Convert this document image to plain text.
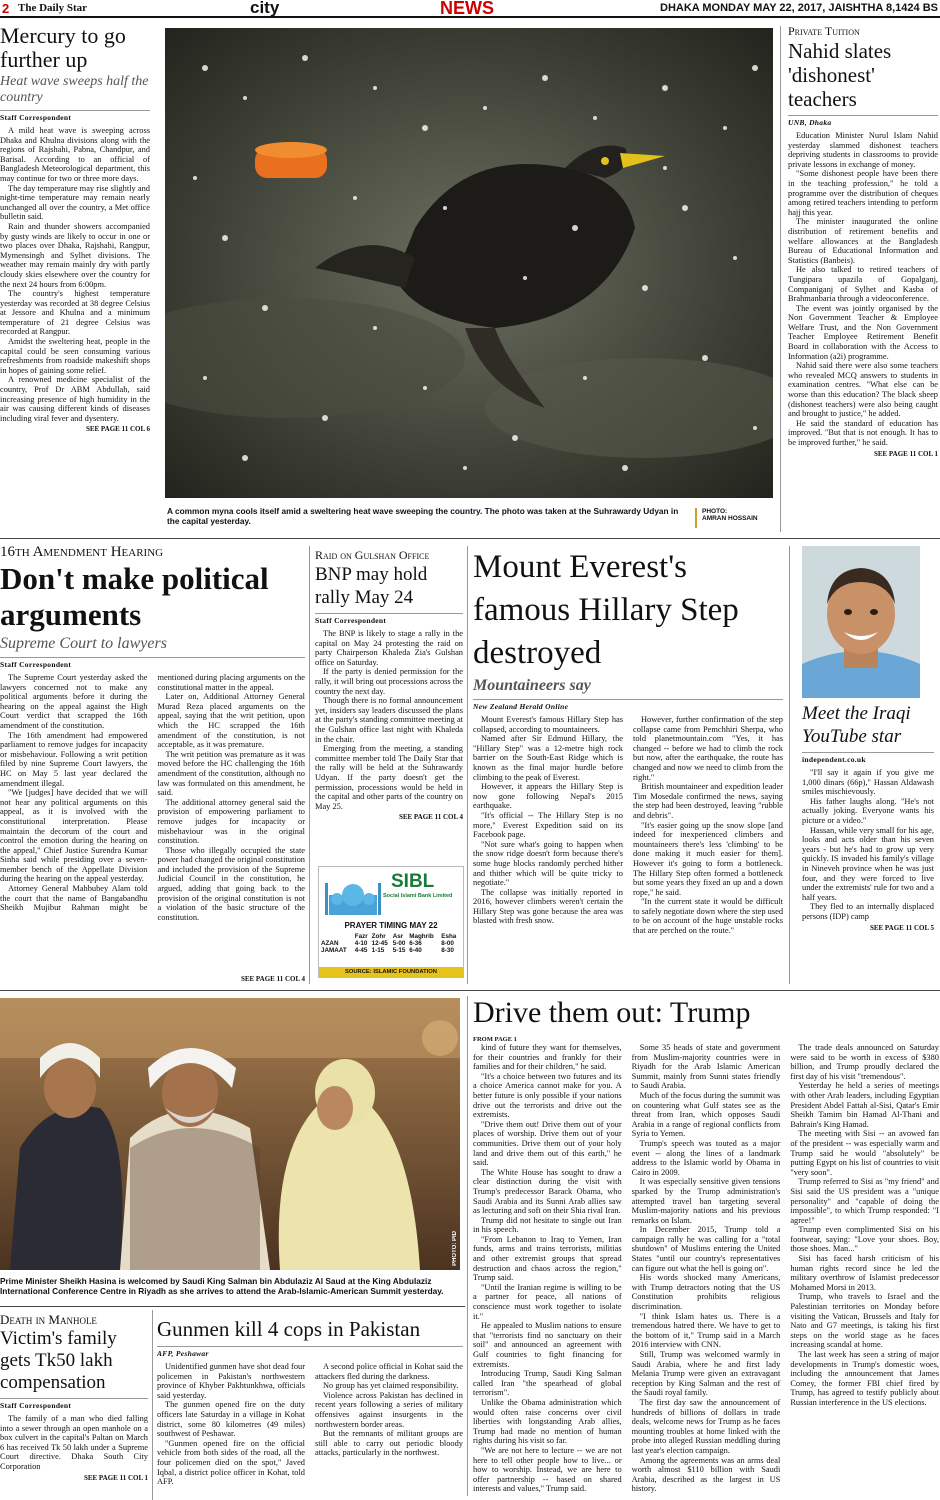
2 The Daily Star	city	NEWS	DHAKA MONDAY MAY 22, 2017, JAISHTHA 8,1424 BS
Mercury to go further up
Heat wave sweeps half the country
Staff Correspondent

A mild heat wave is sweeping across Dhaka and Khulna divisions along with the regions of Rajshahi, Pabna, Chandpur, and Barisal. According to an official of Bangladesh Meteorological department, this may continue for two or three more days.

The day temperature may rise slightly and night-time temperature may remain nearly unchanged all over the country, a Met office bulletin said.

Rain and thunder showers accompanied by gusty winds are likely to occur in one or two places over Dhaka, Rajshahi, Rangpur, Mymensingh and Sylhet divisions. The weather may remain mainly dry with partly cloudy skies elsewhere over the country for the next 24 hours from 6:00pm.

The country's highest temperature yesterday was recorded at 38 degree Celsius at Jessore and Khulna and a minimum temperature of 21 degree Celsius was recorded at Rangpur.

Amidst the sweltering heat, people in the capital could be seen consuming various refreshments from roadside makeshift shops in hopes of gaining some relief.

A renowned medicine specialist of the country, Prof Dr ABM Abdullah, said increasing presence of high humidity in the air was causing different kinds of diseases including viral fever and dysentery.

SEE PAGE 11 COL 6
A common myna cools itself amid a sweltering heat wave sweeping the country. The photo was taken at the Suhrawardy Udyan in the capital yesterday.
PHOTO:
AMRAN HOSSAIN
Private Tuition
Nahid slates 'dishonest' teachers
UNB, Dhaka

Education Minister Nurul Islam Nahid yesterday slammed dishonest teachers depriving students in classrooms to provide private lessons in exchange of money.

"Some dishonest people have been there in the teaching profession," he told a programme over the distribution of cheques among retired teachers intending to perform hajj this year.

The minister inaugurated the online distribution of retirement benefits and welfare allowances at the Bangladesh Bureau of Educational Information and Statistics (Banbeis).

He also talked to retired teachers of Tungipara upazila of Gopalganj, Companiganj of Sylhet and Kasba of Brahmanbaria through a videoconference.

The event was jointly organised by the Non Government Teacher & Employee Welfare Trust, and the Non Government Teacher Employee Retirement Benefit Board in collaboration with the Access to Information (a2i) programme.

Nahid said there were also some teachers who revealed MCQ answers to students in examination centres. "What else can be worse than this education? The black sheep (dishonest teachers) were also being caught and brought to justice," he added.

He said the standard of education has improved. "But that is not enough. It has to be improved further," he said.

SEE PAGE 11 COL 1
16th Amendment Hearing
Don't make political arguments
Supreme Court to lawyers
Staff Correspondent

The Supreme Court yesterday asked the lawyers concerned not to make any political arguments before it during the hearing on the appeal against the High Court verdict that scrapped the 16th amendment of the constitution.

The 16th amendment had empowered parliament to remove judges for incapacity or misbehaviour. Following a writ petition filed by nine Supreme Court lawyers, the HC on May 5 last year declared the amendment illegal.

"We [judges] have decided that we will not hear any political arguments on this appeal, as it is involved with the constitutional interpretation. Please maintain the decorum of the court and control the emotion during the hearing on the appeal," Chief Justice Surendra Kumar Sinha said while presiding over a seven-member bench of the Appellate Division during the hearing on the appeal yesterday.

Attorney General Mahbubey Alam told the court that the name of Bangabandhu Sheikh Mujibur Rahman might be mentioned during placing arguments on the constitutional matter in the appeal.

Later on, Additional Attorney General Murad Reza placed arguments on the appeal, saying that the writ petition, upon which the HC scrapped the 16th amendment of the constitution, is not acceptable, as it was premature.

The writ petition was premature as it was moved before the HC challenging the 16th amendment of the constitution, although no law was formulated on this amendment, he said.

The additional attorney general said the provision of empowering parliament to remove judges for incapacity or misbehaviour was in the original constitution.

Those who illegally occupied the state power had changed the original constitution and included the provision of the Supreme Judicial Council in the constitution, he argued, adding that going back to the provision of the original constitution is not a violation of the basic structure of the constitution.

SEE PAGE 11 COL 4
Raid on Gulshan Office
BNP may hold rally May 24
Staff Correspondent

The BNP is likely to stage a rally in the capital on May 24 protesting the raid on party Chairperson Khaleda Zia's Gulshan office on Saturday.

If the party is denied permission for the rally, it will bring out processions across the country the next day.

Though there is no formal announcement yet, insiders say leaders discussed the plans at the party's standing committee meeting at the Gulshan office last night with Khaleda in the chair.

Emerging from the meeting, a standing committee member told The Daily Star that the rally will be held at the Suhrawardy Udyan. If the party doesn't get the permission, processions would be held in the capital and other parts of the country on May 25.

SEE PAGE 11 COL 4
SIBL
Social Islami Bank Limited
PRAYER TIMING MAY 22
	Fazr	Zohr	Asr	Maghrib	Esha
AZAN	4-10	12-45	5-00	6-36	8-00
JAMAAT	4-45	1-15	5-15	6-40	8-30
SOURCE: ISLAMIC FOUNDATION
Mount Everest's famous Hillary Step destroyed
Mountaineers say
New Zealand Herald Online

Mount Everest's famous Hillary Step has collapsed, according to mountaineers.

Named after Sir Edmund Hillary, the "Hillary Step" was a 12-metre high rock barrier on the South-East Ridge which is known as the final major hurdle before climbing to the peak of Everest.

However, it appears the Hillary Step is now gone following Nepal's 2015 earthquake.

"It's official -- The Hillary Step is no more," Everest Expedition said on its Facebook page.

"Not sure what's going to happen when the snow ridge doesn't form because there's some huge blocks randomly perched hither and thither which will be quite tricky to negotiate."

The collapse was initially reported in 2016, however climbers weren't certain the Hillary Step was gone because the area was blasted with fresh snow.

However, further confirmation of the step collapse came from Pemchhiri Sherpa, who told planetmountain.com "Yes, it has changed -- before we had to climb the rock but now, after the earthquake, the route has changed and now we need to climb from the right."

British mountaineer and expedition leader Tim Mosedale confirmed the news, saying the step had been destroyed, leaving "rubble and debris".

"It's easier going up the snow slope [and indeed for inexperienced climbers and mountaineers there's less 'climbing' to be done making it much easier for them]. However it's going to form a bottleneck. The Hillary Step often formed a bottleneck but some years they fixed an up and a down rope," he said.

"In the current state it would be difficult to safely negotiate down where the step used to be on account of the huge unstable rocks that are perched on the route."

Meet the Iraqi YouTube star
independent.co.uk

"I'll say it again if you give me 1,000 dinars (66p)," Hassan Aldawash smiles mischievously.

His father laughs along. "He's not actually joking. Everyone wants his picture or a video."

Hassan, while very small for his age, looks and acts older than his seven years - but he's had to grow up very quickly. IS invaded his family's village in Nineveh province when he was just four, and they were forced to live under the extremists' rule for two and a half years.

They fled to an internally displaced persons (IDP) camp

SEE PAGE 11 COL 5
PHOTO: PID
Prime Minister Sheikh Hasina is welcomed by Saudi King Salman bin Abdulaziz Al Saud at the King Abdulaziz International Conference Centre in Riyadh as she arrives to attend the Arab-Islamic-American Summit yesterday.
Drive them out: Trump
FROM PAGE 1

kind of future they want for themselves, for their countries and frankly for their families and for their children," he said.

"It's a choice between two futures and its a choice America cannot make for you. A better future is only possible if your nations drive out the terrorists and drive out the extremists.

"Drive them out! Drive them out of your places of worship. Drive them out of your communities. Drive them out of your holy land and drive them out of this earth," he said.

The White House has sought to draw a clear distinction during the visit with Trump's predecessor Barack Obama, who Saudi Arabia and its Sunni Arab allies saw as lecturing and soft on their Shia rival Iran.

Trump did not hesitate to single out Iran in his speech.

"From Lebanon to Iraq to Yemen, Iran funds, arms and trains terrorists, militias and other extremist groups that spread destruction and chaos across the region," Trump said.

"Until the Iranian regime is willing to be a partner for peace, all nations of conscience must work together to isolate it."

He appealed to Muslim nations to ensure that "terrorists find no sanctuary on their soil" and announced an agreement with Gulf countries to fight financing for extremists.

Introducing Trump, Saudi King Salman called Iran "the spearhead of global terrorism".

Unlike the Obama administration which would often raise concerns over civil liberties with longstanding Arab allies, Trump had made no mention of human rights during his visit so far.

"We are not here to lecture -- we are not here to tell other people how to live... or how to worship. Instead, we are here to offer partnership -- based on shared interests and values," Trump said.

Some 35 heads of state and government from Muslim-majority countries were in Riyadh for the Arab Islamic American Summit, mainly from Sunni states friendly to Saudi Arabia.

Much of the focus during the summit was on countering what Gulf states see as the threat from Iran, which opposes Saudi Arabia in a range of regional conflicts from Syria to Yemen.

Trump's speech was touted as a major event -- along the lines of a landmark address to the Islamic world by Obama in Cairo in 2009.

It was especially sensitive given tensions sparked by the Trump administration's attempted travel ban targeting several Muslim-majority nations and his previous remarks on Islam.

In December 2015, Trump told a campaign rally he was calling for a "total shutdown" of Muslims entering the United States "until our country's representatives can figure out what the hell is going on".

His words shocked many Americans, with Trump detractors noting that the US Constitution prohibits religious discrimination.

"I think Islam hates us. There is a tremendous hatred there. We have to get to the bottom of it," Trump said in a March 2016 interview with CNN.

Still, Trump was welcomed warmly in Saudi Arabia, where he and first lady Melania Trump were given an extravagant reception by King Salman and the rest of the Saudi royal family.

The first day saw the announcement of hundreds of billions of dollars in trade deals, welcome news for Trump as he faces mounting troubles at home linked with the probe into alleged Russian meddling during last year's election campaign.

Among the agreements was an arms deal worth almost $110 billion with Saudi Arabia, described as the largest in US history.

The trade deals announced on Saturday were said to be worth in excess of $380 billion, and Trump proudly declared the first day of his visit "tremendous".

Yesterday he held a series of meetings with other Arab leaders, including Egyptian President Abdel Fattah al-Sisi, Qatar's Emir Sheikh Tamim bin Hamad Al-Thani and Bahrain's King Hamad.

The meeting with Sisi -- an avowed fan of the president -- was especially warm and Trump said he would "absolutely" be putting Egypt on his list of countries to visit "very soon".

Trump referred to Sisi as "my friend" and Sisi said the US president was a "unique personality" and "capable of doing the impossible", to which Trump responded: "I agree!"

Trump even complimented Sisi on his footwear, saying: "Love your shoes. Boy, those shoes. Man..."

Sisi has faced harsh criticism of his human rights record since he led the military overthrow of Islamist predecessor Mohamed Morsi in 2013.

Trump, who travels to Israel and the Palestinian territories on Monday before visiting the Vatican, Brussels and Italy for Nato and G7 meetings, is taking his first steps on the world stage as he faces increasing scandal at home.

The last week has seen a string of major developments in Trump's domestic woes, including the announcement that James Comey, the former FBI chief fired by Trump, has agreed to testify publicly about Russian interference in the US elections.

Death in Manhole
Victim's family gets Tk50 lakh compensation
Staff Correspondent

The family of a man who died falling into a sewer through an open manhole on a box culvert in the capital's Paltan on March 6 has received Tk 50 lakh under a Supreme Court directive. Dhaka South City Corporation

SEE PAGE 11 COL 1
Gunmen kill 4 cops in Pakistan
AFP, Peshawar

Unidentified gunmen have shot dead four policemen in Pakistan's northwestern province of Khyber Pakhtunkhwa, officials said yesterday.

The gunmen opened fire on the duty officers late Saturday in a village in Kohat district, some 80 kilometres (49 miles) southwest of Peshawar.

"Gunmen opened fire on the official vehicle from both sides of the road, all the four policemen died on the spot," Javed Iqbal, a district police officer in Kohat, told AFP.

A second police official in Kohat said the attackers fled during the darkness.

No group has yet claimed responsibility.

Violence across Pakistan has declined in recent years following a series of military offensives against insurgents in the northwestern border areas.

But the remnants of militant groups are still able to carry out periodic bloody attacks, particularly in the northwest.
